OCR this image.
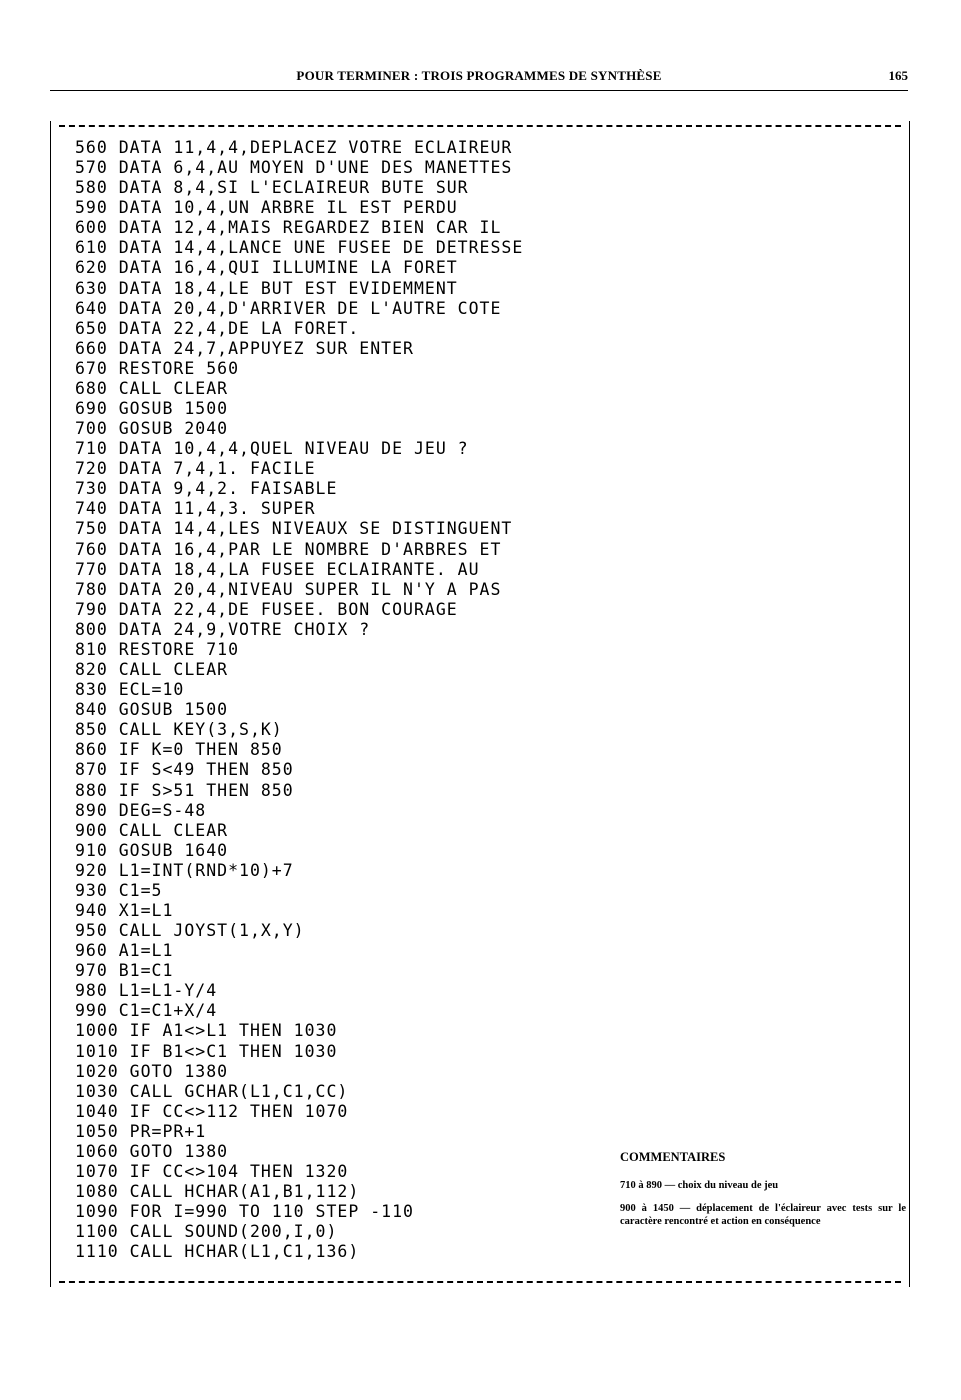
POUR TERMINER : TROIS PROGRAMMES DE SYNTHÈSE	165
560 DATA 11,4,4,DEPLACEZ VOTRE ECLAIREUR
570 DATA 6,4,AU MOYEN D'UNE DES MANETTES
580 DATA 8,4,SI L'ECLAIREUR BUTE SUR
590 DATA 10,4,UN ARBRE IL EST PERDU
600 DATA 12,4,MAIS REGARDEZ BIEN CAR IL
610 DATA 14,4,LANCE UNE FUSEE DE DETRESSE
620 DATA 16,4,QUI ILLUMINE LA FORET
630 DATA 18,4,LE BUT EST EVIDEMMENT
640 DATA 20,4,D'ARRIVER DE L'AUTRE COTE
650 DATA 22,4,DE LA FORET.
660 DATA 24,7,APPUYEZ SUR ENTER
670 RESTORE 560
680 CALL CLEAR
690 GOSUB 1500
700 GOSUB 2040
710 DATA 10,4,4,QUEL NIVEAU DE JEU ?
720 DATA 7,4,1. FACILE
730 DATA 9,4,2. FAISABLE
740 DATA 11,4,3. SUPER
750 DATA 14,4,LES NIVEAUX SE DISTINGUENT
760 DATA 16,4,PAR LE NOMBRE D'ARBRES ET
770 DATA 18,4,LA FUSEE ECLAIRANTE. AU
780 DATA 20,4,NIVEAU SUPER IL N'Y A PAS
790 DATA 22,4,DE FUSEE. BON COURAGE
800 DATA 24,9,VOTRE CHOIX ?
810 RESTORE 710
820 CALL CLEAR
830 ECL=10
840 GOSUB 1500
850 CALL KEY(3,S,K)
860 IF K=0 THEN 850
870 IF S<49 THEN 850
880 IF S>51 THEN 850
890 DEG=S-48
900 CALL CLEAR
910 GOSUB 1640
920 L1=INT(RND*10)+7
930 C1=5
940 X1=L1
950 CALL JOYST(1,X,Y)
960 A1=L1
970 B1=C1
980 L1=L1-Y/4
990 C1=C1+X/4
1000 IF A1<>L1 THEN 1030
1010 IF B1<>C1 THEN 1030
1020 GOTO 1380
1030 CALL GCHAR(L1,C1,CC)
1040 IF CC<>112 THEN 1070
1050 PR=PR+1
1060 GOTO 1380
1070 IF CC<>104 THEN 1320
1080 CALL HCHAR(A1,B1,112)
1090 FOR I=990 TO 110 STEP -110
1100 CALL SOUND(200,I,0)
1110 CALL HCHAR(L1,C1,136)
COMMENTAIRES
710 à 890 — choix du niveau de jeu
900 à 1450 — déplacement de l'éclaireur avec tests sur le caractère rencontré et action en conséquence
